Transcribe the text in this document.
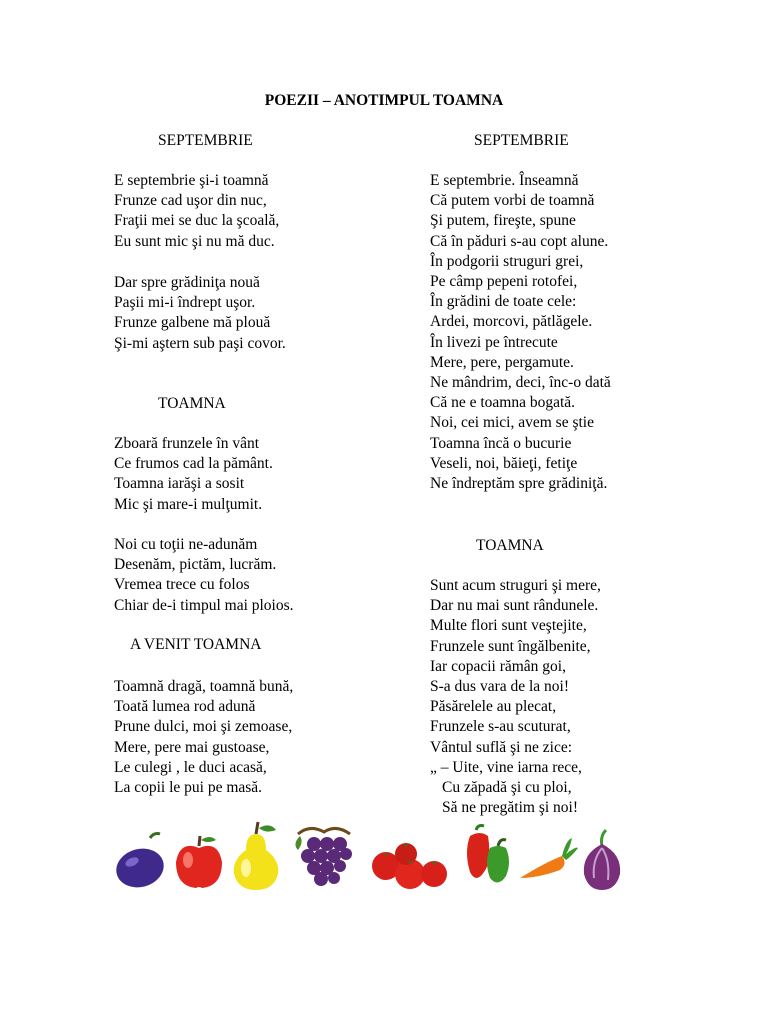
POEZII – ANOTIMPUL TOAMNA
SEPTEMBRIE
E septembrie şi-i toamnă
Frunze cad uşor din nuc,
Fraţii mei se duc la şcoală,
Eu sunt mic şi nu mă duc.
Dar spre grădiniţa nouă
Paşii mi-i îndrept uşor.
Frunze galbene mă plouă
Şi-mi aştern sub paşi covor.
TOAMNA
Zboară frunzele în vânt
Ce frumos cad la pământ.
Toamna iarăşi a sosit
Mic şi mare-i mulţumit.
Noi cu toţii ne-adunăm
Desenăm, pictăm, lucrăm.
Vremea trece cu folos
Chiar de-i timpul mai ploios.
A VENIT TOAMNA
Toamnă dragă, toamnă bună,
Toată lumea rod adună
Prune dulci, moi şi zemoase,
Mere, pere mai gustoase,
Le culegi , le duci acasă,
La copii le pui pe masă.
SEPTEMBRIE
E septembrie. Înseamnă
Că putem vorbi de toamnă
Şi putem, fireşte, spune
Că în păduri s-au copt alune.
În podgorii struguri grei,
Pe câmp pepeni rotofei,
În grădini de toate cele:
Ardei, morcovi, pătlăgele.
În livezi pe întrecute
Mere, pere, pergamute.
Ne mândrim, deci, înc-o dată
Că ne e toamna bogată.
Noi, cei mici, avem se ştie
Toamna încă o bucurie
Veseli, noi, băieţi, fetiţe
Ne îndreptăm spre grădiniţă.
TOAMNA
Sunt acum struguri şi mere,
Dar nu mai sunt rândunele.
Multe flori sunt veştejite,
Frunzele sunt îngălbenite,
Iar copacii rămân goi,
S-a dus vara de la noi!
Păsărelele au plecat,
Frunzele s-au scuturat,
Vântul suflă şi ne zice:
„ – Uite, vine iarna rece,
Cu zăpadă şi cu ploi,
Să ne pregătim şi noi!
